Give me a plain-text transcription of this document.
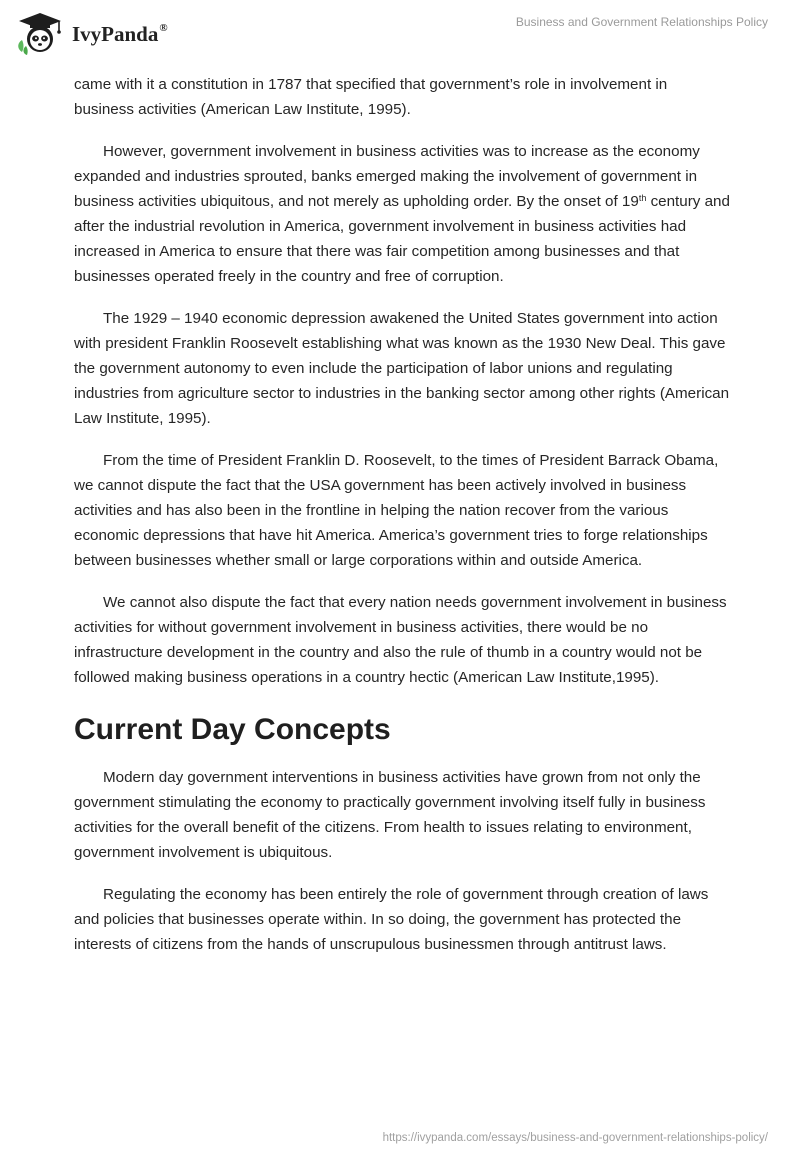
IvyPanda®	Business and Government Relationships Policy

came with it a constitution in 1787 that specified that government’s role in involvement in business activities (American Law Institute, 1995).

However, government involvement in business activities was to increase as the economy expanded and industries sprouted, banks emerged making the involvement of government in business activities ubiquitous, and not merely as upholding order. By the onset of 19th century and after the industrial revolution in America, government involvement in business activities had increased in America to ensure that there was fair competition among businesses and that businesses operated freely in the country and free of corruption.

The 1929 – 1940 economic depression awakened the United States government into action with president Franklin Roosevelt establishing what was known as the 1930 New Deal. This gave the government autonomy to even include the participation of labor unions and regulating industries from agriculture sector to industries in the banking sector among other rights (American Law Institute, 1995).

From the time of President Franklin D. Roosevelt, to the times of President Barrack Obama, we cannot dispute the fact that the USA government has been actively involved in business activities and has also been in the frontline in helping the nation recover from the various economic depressions that have hit America. America’s government tries to forge relationships between businesses whether small or large corporations within and outside America.

We cannot also dispute the fact that every nation needs government involvement in business activities for without government involvement in business activities, there would be no infrastructure development in the country and also the rule of thumb in a country would not be followed making business operations in a country hectic (American Law Institute,1995).

Current Day Concepts

Modern day government interventions in business activities have grown from not only the government stimulating the economy to practically government involving itself fully in business activities for the overall benefit of the citizens. From health to issues relating to environment, government involvement is ubiquitous.

Regulating the economy has been entirely the role of government through creation of laws and policies that businesses operate within. In so doing, the government has protected the interests of citizens from the hands of unscrupulous businessmen through antitrust laws.

https://ivypanda.com/essays/business-and-government-relationships-policy/
